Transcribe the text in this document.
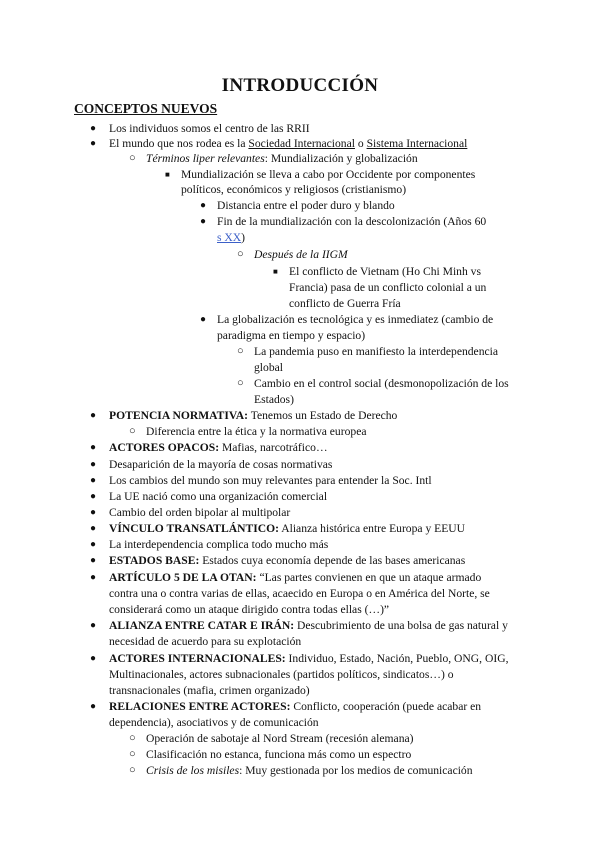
INTRODUCCIÓN
CONCEPTOS NUEVOS
● Los individuos somos el centro de las RRII
● El mundo que nos rodea es la Sociedad Internacional o Sistema Internacional
○ Términos liper relevantes: Mundialización y globalización
■ Mundialización se lleva a cabo por Occidente por componentes
políticos, económicos y religiosos (cristianismo)
● Distancia entre el poder duro y blando
● Fin de la mundialización con la descolonización (Años 60
s XX)
○ Después de la IIGM
■ El conflicto de Vietnam (Ho Chi Minh vs
Francia) pasa de un conflicto colonial a un
conflicto de Guerra Fría
● La globalización es tecnológica y es inmediatez (cambio de
paradigma en tiempo y espacio)
○ La pandemia puso en manifiesto la interdependencia
global
○ Cambio en el control social (desmonopolización de los
Estados)
● POTENCIA NORMATIVA: Tenemos un Estado de Derecho
○ Diferencia entre la ética y la normativa europea
● ACTORES OPACOS: Mafias, narcotráfico…
● Desaparición de la mayoría de cosas normativas
● Los cambios del mundo son muy relevantes para entender la Soc. Intl
● La UE nació como una organización comercial
● Cambio del orden bipolar al multipolar
● VÍNCULO TRANSATLÁNTICO: Alianza histórica entre Europa y EEUU
● La interdependencia complica todo mucho más
● ESTADOS BASE: Estados cuya economía depende de las bases americanas
● ARTÍCULO 5 DE LA OTAN: “Las partes convienen en que un ataque armado
contra una o contra varias de ellas, acaecido en Europa o en América del Norte, se
considerará como un ataque dirigido contra todas ellas (…)”
● ALIANZA ENTRE CATAR E IRÁN: Descubrimiento de una bolsa de gas natural y
necesidad de acuerdo para su explotación
● ACTORES INTERNACIONALES: Individuo, Estado, Nación, Pueblo, ONG, OIG,
Multinacionales, actores subnacionales (partidos políticos, sindicatos…) o
transnacionales (mafia, crimen organizado)
● RELACIONES ENTRE ACTORES: Conflicto, cooperación (puede acabar en
dependencia), asociativos y de comunicación
○ Operación de sabotaje al Nord Stream (recesión alemana)
○ Clasificación no estanca, funciona más como un espectro
○ Crisis de los misiles: Muy gestionada por los medios de comunicación
